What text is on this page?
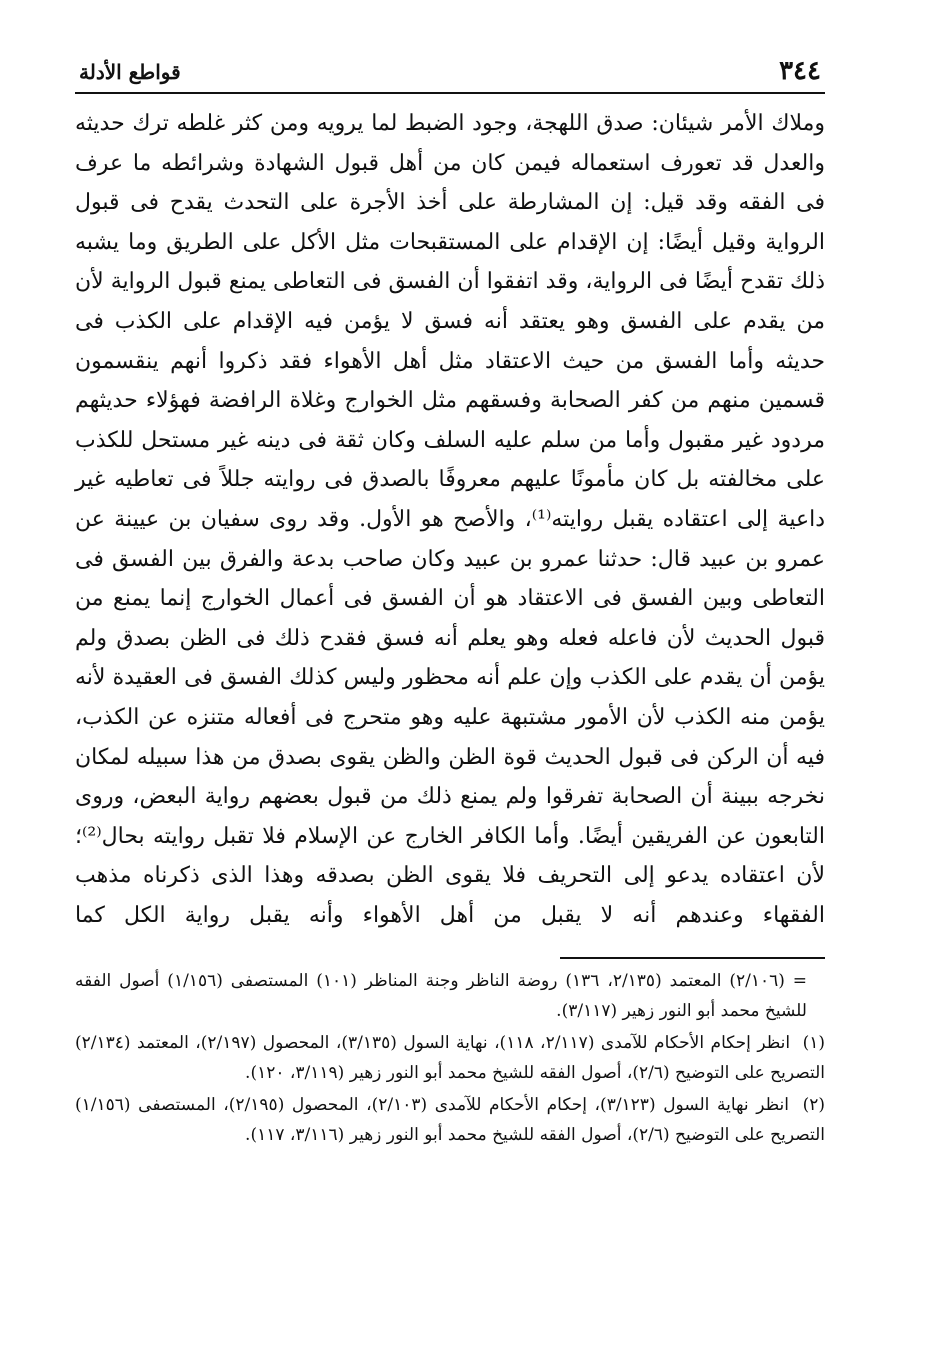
٣٤٤
قواطع الأدلة

وملاك الأمر شيئان: صدق اللهجة، وجود الضبط لما يرويه ومن كثر غلطه ترك حديثه والعدل قد تعورف استعماله فيمن كان من أهل قبول الشهادة وشرائطه ما عرف فى الفقه وقد قيل: إن المشارطة على أخذ الأجرة على التحدث يقدح فى قبول الرواية وقيل أيضًا: إن الإقدام على المستقبحات مثل الأكل على الطريق وما يشبه ذلك تقدح أيضًا فى الرواية، وقد اتفقوا أن الفسق فى التعاطى يمنع قبول الرواية لأن من يقدم على الفسق وهو يعتقد أنه فسق لا يؤمن فيه الإقدام على الكذب فى حديثه وأما الفسق من حيث الاعتقاد مثل أهل الأهواء فقد ذكروا أنهم ينقسمون قسمين منهم من كفر الصحابة وفسقهم مثل الخوارج وغلاة الرافضة فهؤلاء حديثهم مردود غير مقبول وأما من سلم عليه السلف وكان ثقة فى دينه غير مستحل للكذب على مخالفته بل كان مأمونًا عليهم معروفًا بالصدق فى روايته جللاً فى تعاطيه غير داعية إلى اعتقاده يقبل روايته⁽¹⁾، والأصح هو الأول. وقد روى سفيان بن عيينة عن عمرو بن عبيد قال: حدثنا عمرو بن عبيد وكان صاحب بدعة والفرق بين الفسق فى التعاطى وبين الفسق فى الاعتقاد هو أن الفسق فى أعمال الخوارج إنما يمنع من قبول الحديث لأن فاعله فعله وهو يعلم أنه فسق فقدح ذلك فى الظن بصدق ولم يؤمن أن يقدم على الكذب وإن علم أنه محظور وليس كذلك الفسق فى العقيدة لأنه يؤمن منه الكذب لأن الأمور مشتبهة عليه وهو متحرج فى أفعاله متنزه عن الكذب، فيه أن الركن فى قبول الحديث قوة الظن والظن يقوى بصدق من هذا سبيله لمكان نخرجه ببينة أن الصحابة تفرقوا ولم يمنع ذلك من قبول بعضهم رواية البعض، وروى التابعون عن الفريقين أيضًا. وأما الكافر الخارج عن الإسلام فلا تقبل روايته بحال⁽²⁾؛ لأن اعتقاده يدعو إلى التحريف فلا يقوى الظن بصدقه وهذا الذى ذكرناه مذهب الفقهاء وعندهم أنه لا يقبل من أهل الأهواء وأنه يقبل رواية الكل كما

= (٢/١٠٦) المعتمد (٢/١٣٥، ١٣٦) روضة الناظر وجنة المناظر (١٠١) المستصفى (١/١٥٦) أصول الفقه للشيخ محمد أبو النور زهير (٣/١١٧).

(١) انظر إحكام الأحكام للآمدى (٢/١١٧، ١١٨)، نهاية السول (٣/١٣٥)، المحصول (٢/١٩٧)، المعتمد (٢/١٣٤) التصريح على التوضيح (٢/٦)، أصول الفقه للشيخ محمد أبو النور زهير (٣/١١٩، ١٢٠).

(٢) انظر نهاية السول (٣/١٢٣)، إحكام الأحكام للآمدى (٢/١٠٣)، المحصول (٢/١٩٥)، المستصفى (١/١٥٦) التصريح على التوضيح (٢/٦)، أصول الفقه للشيخ محمد أبو النور زهير (٣/١١٦، ١١٧).
